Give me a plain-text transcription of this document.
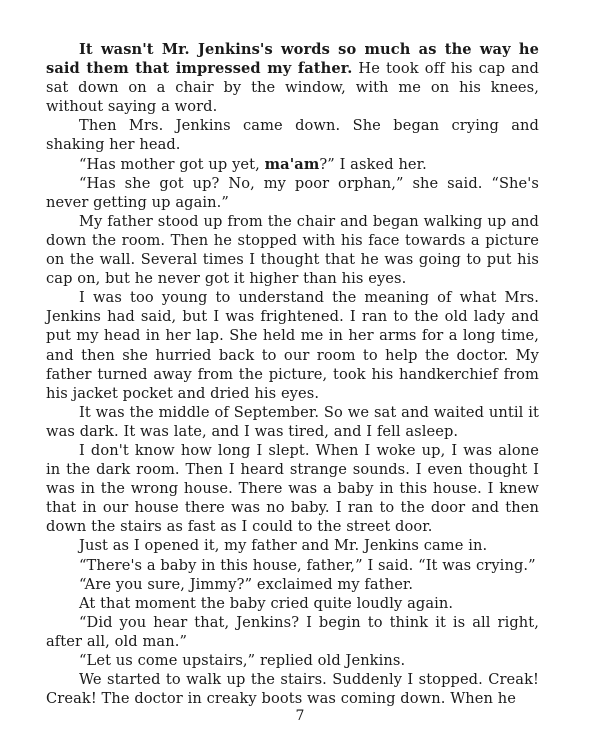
It wasn't Mr. Jenkins's words so much as the way he said them that impressed my father. He took off his cap and sat down on a chair by the window, with me on his knees, without saying a word.

Then Mrs. Jenkins came down. She began crying and shaking her head.

“Has mother got up yet, ma'am?” I asked her.

“Has she got up? No, my poor orphan,” she said. “She's never getting up again.”

My father stood up from the chair and began walking up and down the room. Then he stopped with his face towards a picture on the wall. Several times I thought that he was going to put his cap on, but he never got it higher than his eyes.

I was too young to understand the meaning of what Mrs. Jenkins had said, but I was frightened. I ran to the old lady and put my head in her lap. She held me in her arms for a long time, and then she hurried back to our room to help the doctor. My father turned away from the picture, took his handkerchief from his jacket pocket and dried his eyes.

It was the middle of September. So we sat and waited until it was dark. It was late, and I was tired, and I fell asleep.

I don't know how long I slept. When I woke up, I was alone in the dark room. Then I heard strange sounds. I even thought I was in the wrong house. There was a baby in this house. I knew that in our house there was no baby. I ran to the door and then down the stairs as fast as I could to the street door.

Just as I opened it, my father and Mr. Jenkins came in.

“There's a baby in this house, father,” I said. “It was crying.”

“Are you sure, Jimmy?” exclaimed my father.

At that moment the baby cried quite loudly again.

“Did you hear that, Jenkins? I begin to think it is all right, after all, old man.”

“Let us come upstairs,” replied old Jenkins.

We started to walk up the stairs. Suddenly I stopped. Creak! Creak! The doctor in creaky boots was coming down. When he

7
